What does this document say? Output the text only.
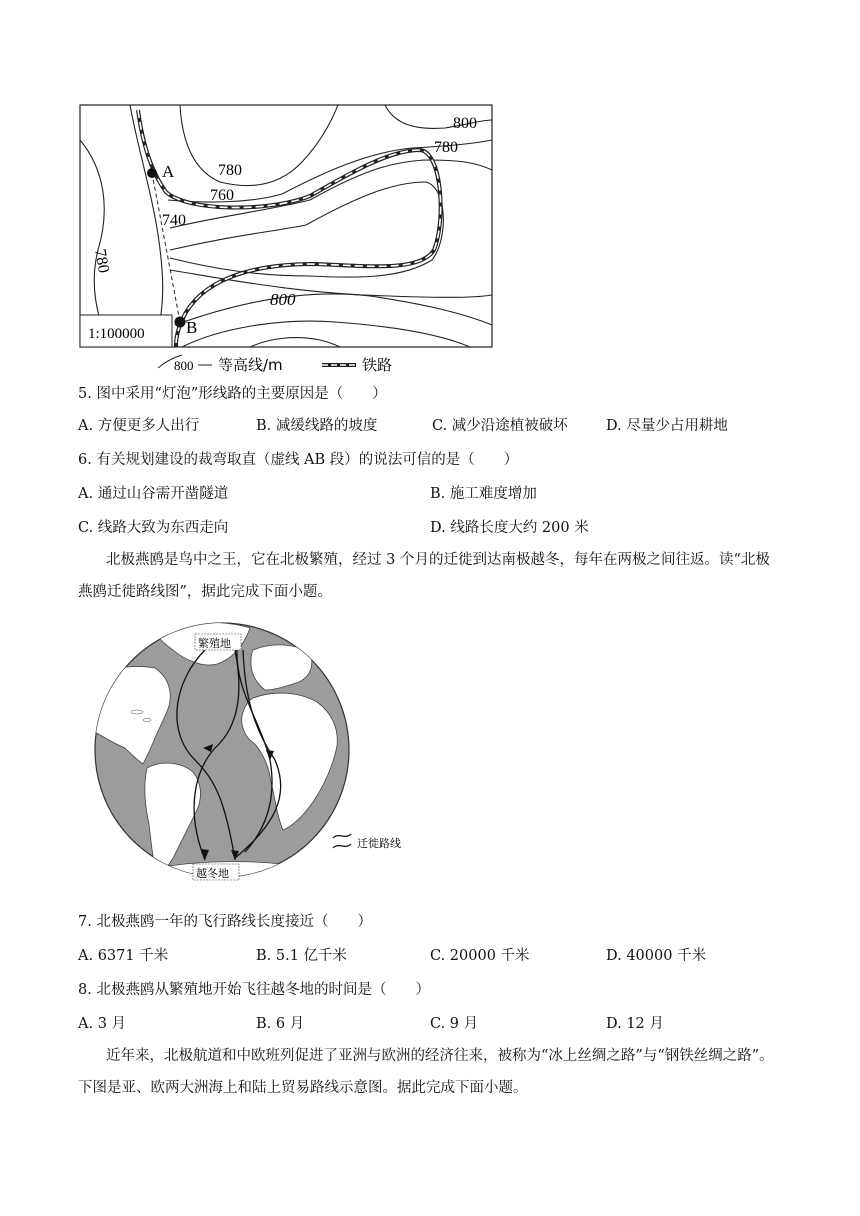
A
B
800
780
780
760
740
780
800
1:100000
800 等高线/m	铁路
5. 图中采用“灯泡”形线路的主要原因是（　　）
A. 方便更多人出行	B. 减缓线路的坡度	C. 减少沿途植被破坏	D. 尽量少占用耕地
6. 有关规划建设的裁弯取直（虚线 AB 段）的说法可信的是（　　）
A. 通过山谷需开凿隧道	B. 施工难度增加
C. 线路大致为东西走向	D. 线路长度大约 200 米
北极燕鸥是鸟中之王，它在北极繁殖，经过 3 个月的迁徙到达南极越冬，每年在两极之间往返。读“北极燕鸥迁徙路线图”，据此完成下面小题。
繁殖地
越冬地
迁徙路线
7. 北极燕鸥一年的飞行路线长度接近（　　）
A. 6371 千米	B. 5.1 亿千米	C. 20000 千米	D. 40000 千米
8. 北极燕鸥从繁殖地开始飞往越冬地的时间是（　　）
A. 3 月	B. 6 月	C. 9 月	D. 12 月
近年来，北极航道和中欧班列促进了亚洲与欧洲的经济往来，被称为“冰上丝绸之路”与“钢铁丝绸之路”。下图是亚、欧两大洲海上和陆上贸易路线示意图。据此完成下面小题。
